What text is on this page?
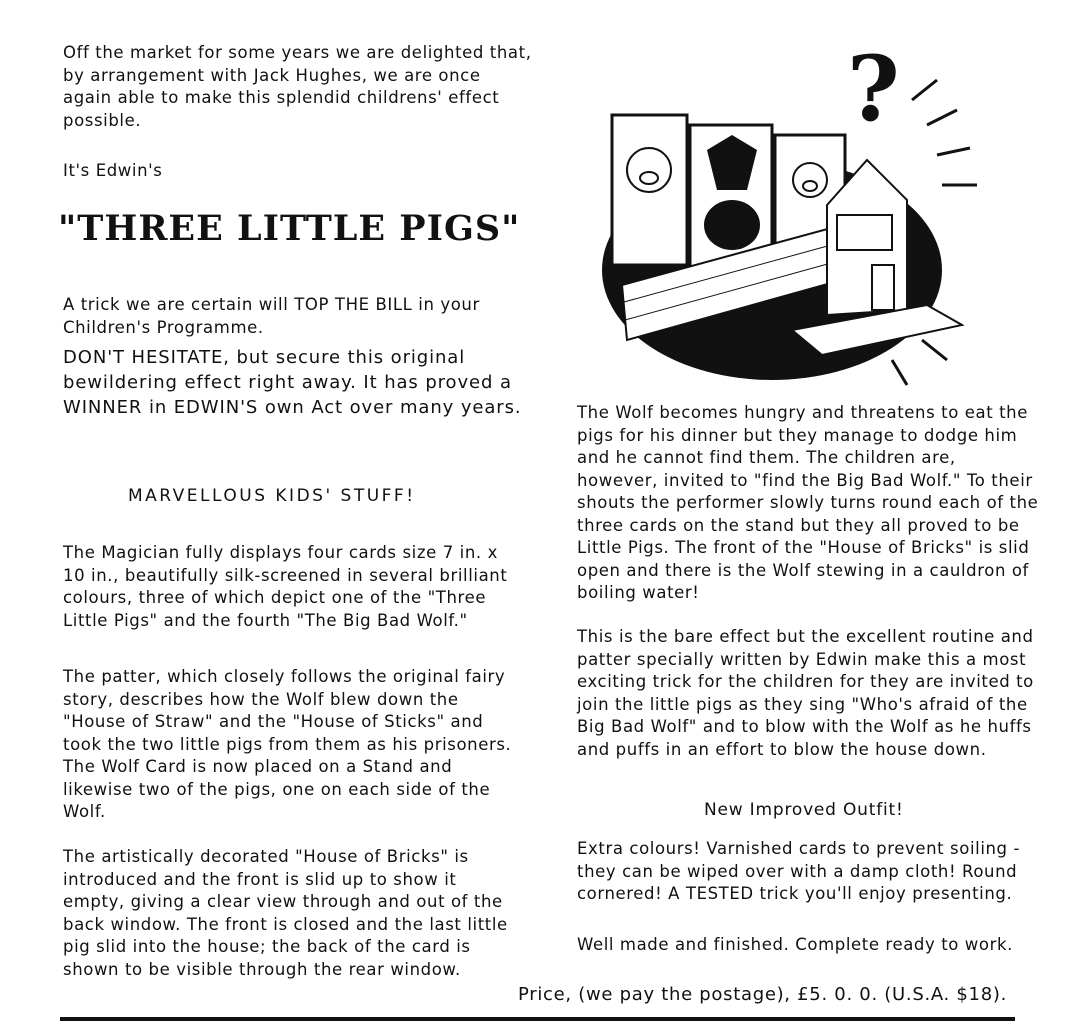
Off the market for some years we are delighted that, by arrangement with Jack Hughes, we are once again able to make this splendid childrens' effect possible.

It's Edwin's

"THREE LITTLE PIGS"

A trick we are certain will TOP THE BILL in your Children's Programme.

DON'T HESITATE, but secure this original bewildering effect right away. It has proved a WINNER in EDWIN'S own Act over many years.

MARVELLOUS KIDS' STUFF!

The Magician fully displays four cards size 7 in. x 10 in., beautifully silk-screened in several brilliant colours, three of which depict one of the "Three Little Pigs" and the fourth "The Big Bad Wolf."

The patter, which closely follows the original fairy story, describes how the Wolf blew down the "House of Straw" and the "House of Sticks" and took the two little pigs from them as his prisoners. The Wolf Card is now placed on a Stand and likewise two of the pigs, one on each side of the Wolf.

The artistically decorated "House of Bricks" is introduced and the front is slid up to show it empty, giving a clear view through and out of the back window. The front is closed and the last little pig slid into the house; the back of the card is shown to be visible through the rear window.

?

The Wolf becomes hungry and threatens to eat the pigs for his dinner but they manage to dodge him and he cannot find them. The children are, however, invited to "find the Big Bad Wolf." To their shouts the performer slowly turns round each of the three cards on the stand but they all proved to be Little Pigs. The front of the "House of Bricks" is slid open and there is the Wolf stewing in a cauldron of boiling water!

This is the bare effect but the excellent routine and patter specially written by Edwin make this a most exciting trick for the children for they are invited to join the little pigs as they sing "Who's afraid of the Big Bad Wolf" and to blow with the Wolf as he huffs and puffs in an effort to blow the house down.

New Improved Outfit!

Extra colours! Varnished cards to prevent soiling - they can be wiped over with a damp cloth! Round cornered! A TESTED trick you'll enjoy presenting.

Well made and finished. Complete ready to work.

Price, (we pay the postage), £5. 0. 0. (U.S.A. $18).
